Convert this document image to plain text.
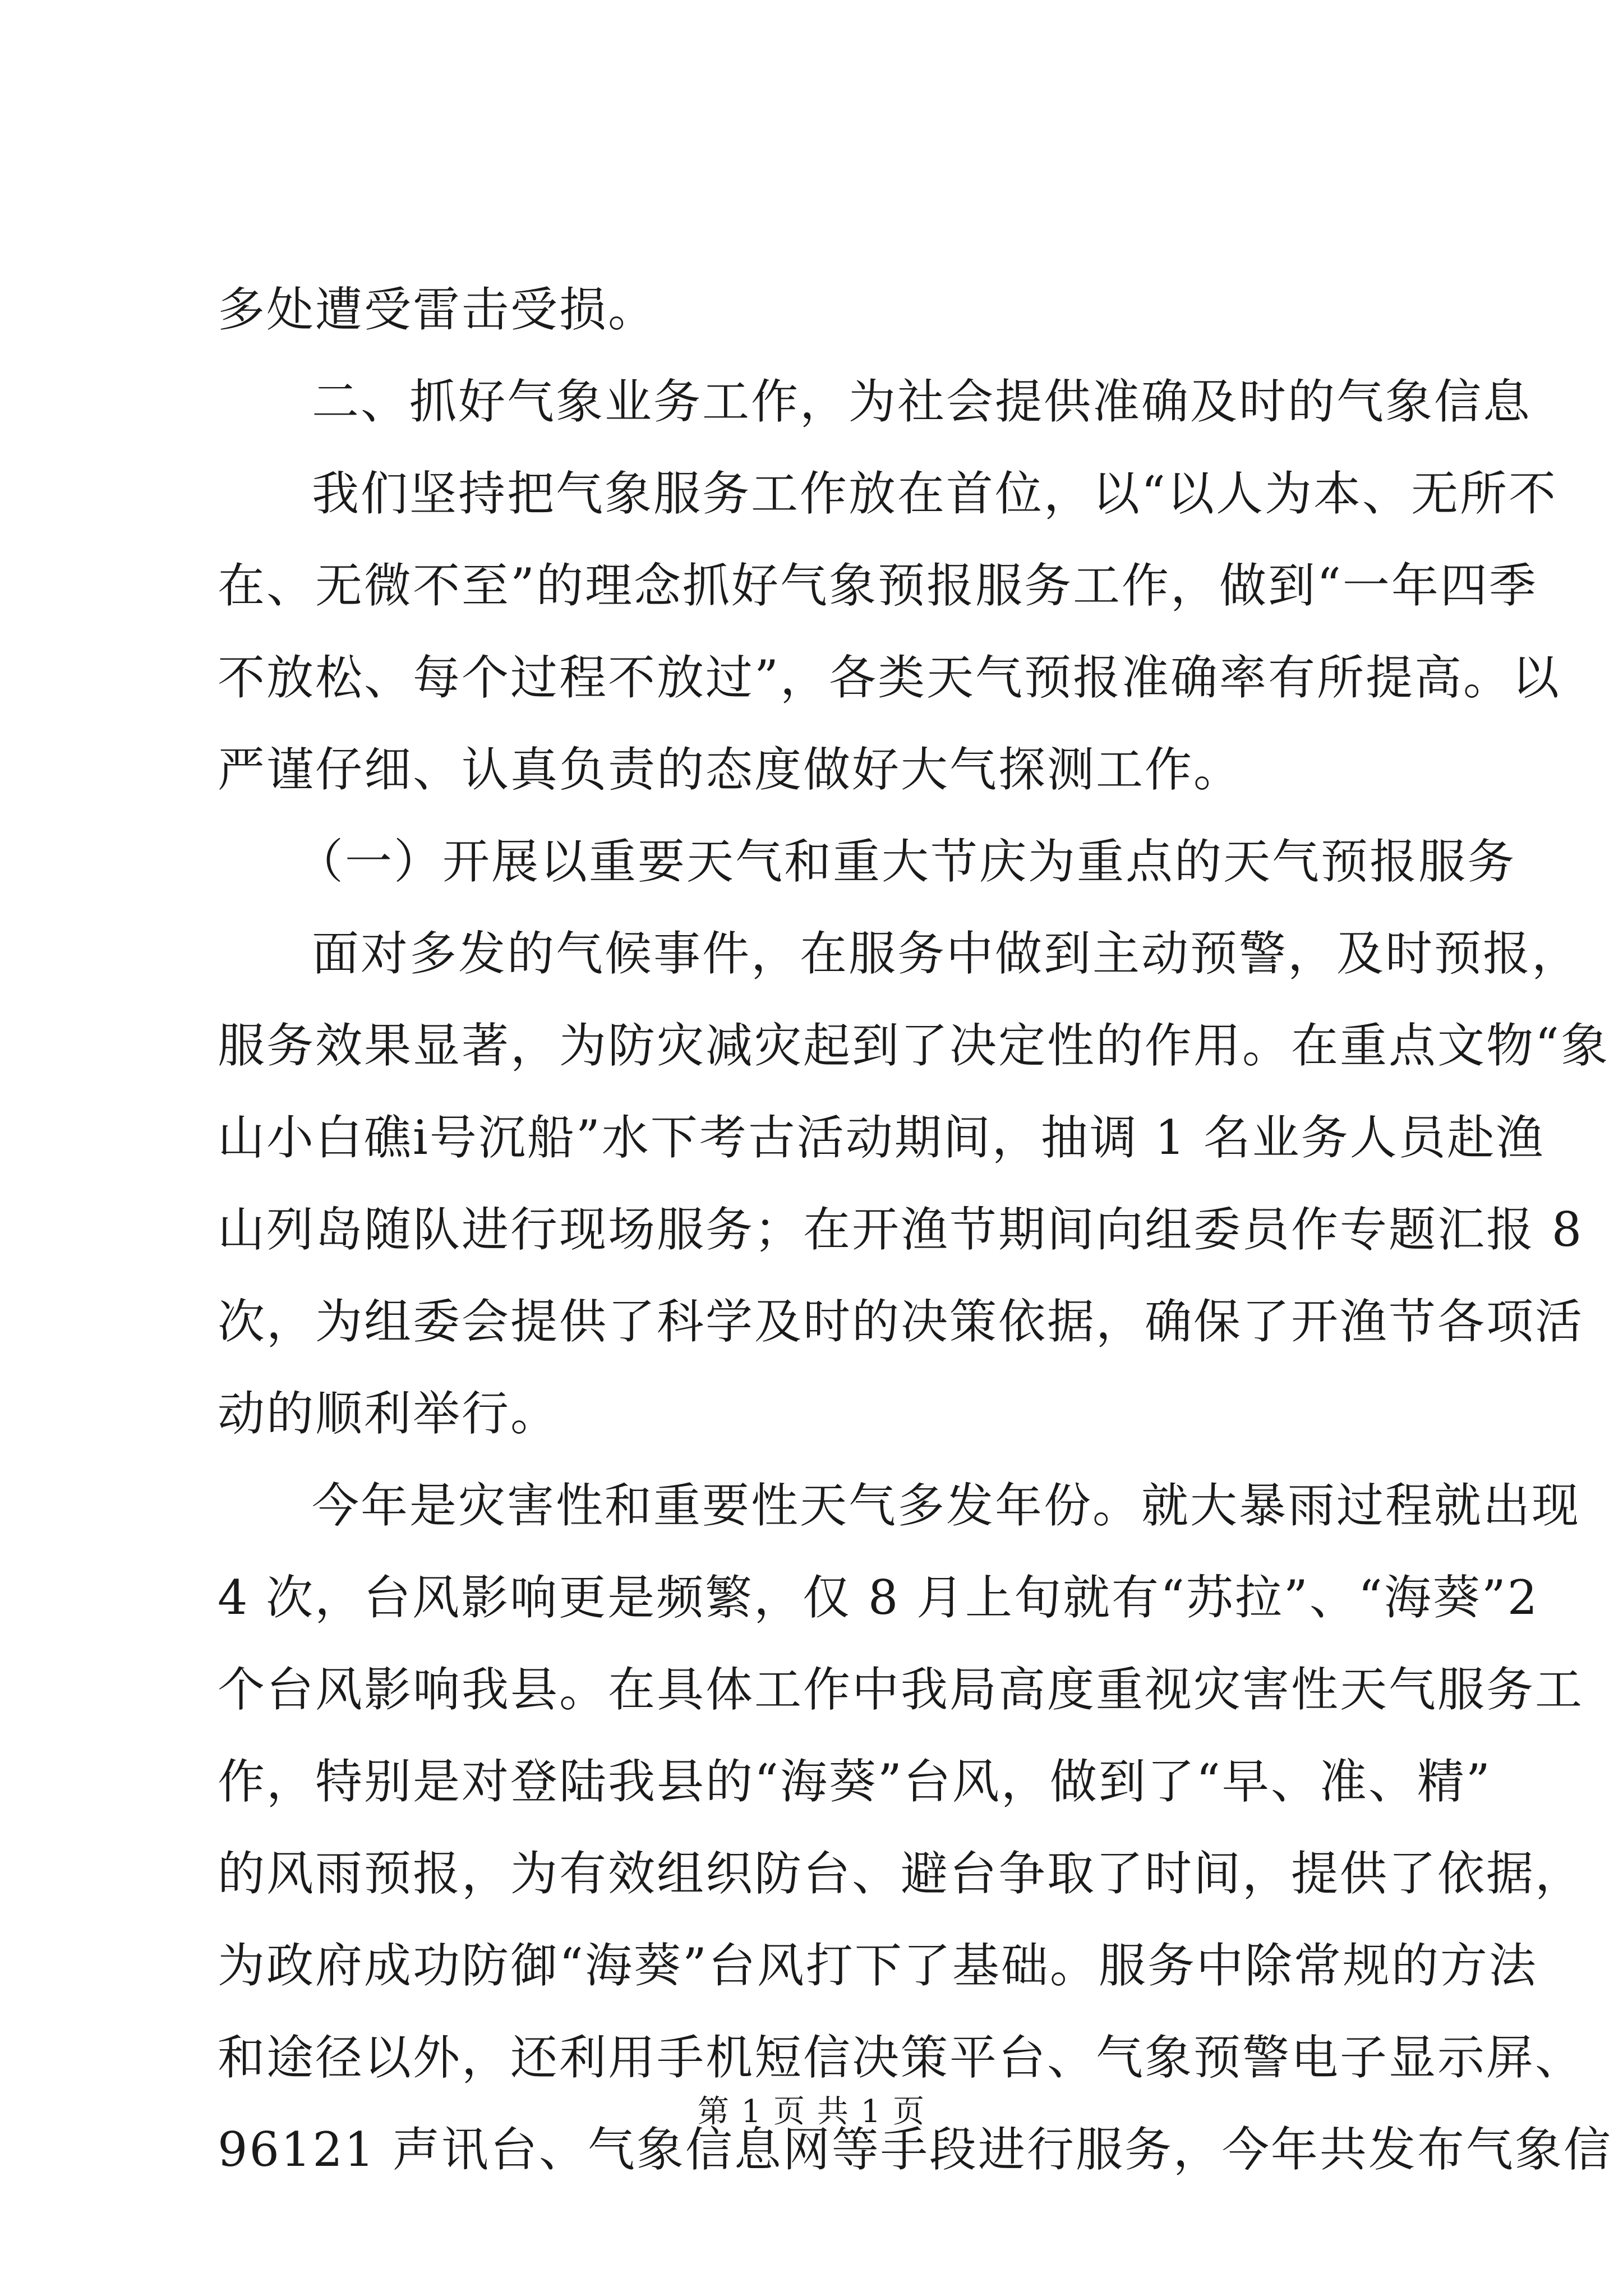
多处遭受雷击受损。
二、抓好气象业务工作，为社会提供准确及时的气象信息
我们坚持把气象服务工作放在首位，以“以人为本、无所不
在、无微不至”的理念抓好气象预报服务工作，做到“一年四季
不放松、每个过程不放过”，各类天气预报准确率有所提高。以
严谨仔细、认真负责的态度做好大气探测工作。
（一）开展以重要天气和重大节庆为重点的天气预报服务
面对多发的气候事件，在服务中做到主动预警，及时预报，
服务效果显著，为防灾减灾起到了决定性的作用。在重点文物“象
山小白礁ⅰ号沉船”水下考古活动期间，抽调 1 名业务人员赴渔
山列岛随队进行现场服务；在开渔节期间向组委员作专题汇报 8
次，为组委会提供了科学及时的决策依据，确保了开渔节各项活
动的顺利举行。
今年是灾害性和重要性天气多发年份。就大暴雨过程就出现
4 次，台风影响更是频繁，仅 8 月上旬就有“苏拉”、“海葵”2
个台风影响我县。在具体工作中我局高度重视灾害性天气服务工
作，特别是对登陆我县的“海葵”台风，做到了“早、准、精”
的风雨预报，为有效组织防台、避台争取了时间，提供了依据，
为政府成功防御“海葵”台风打下了基础。服务中除常规的方法
和途径以外，还利用手机短信决策平台、气象预警电子显示屏、
96121 声讯台、气象信息网等手段进行服务，今年共发布气象信
第 1 页 共 1 页
